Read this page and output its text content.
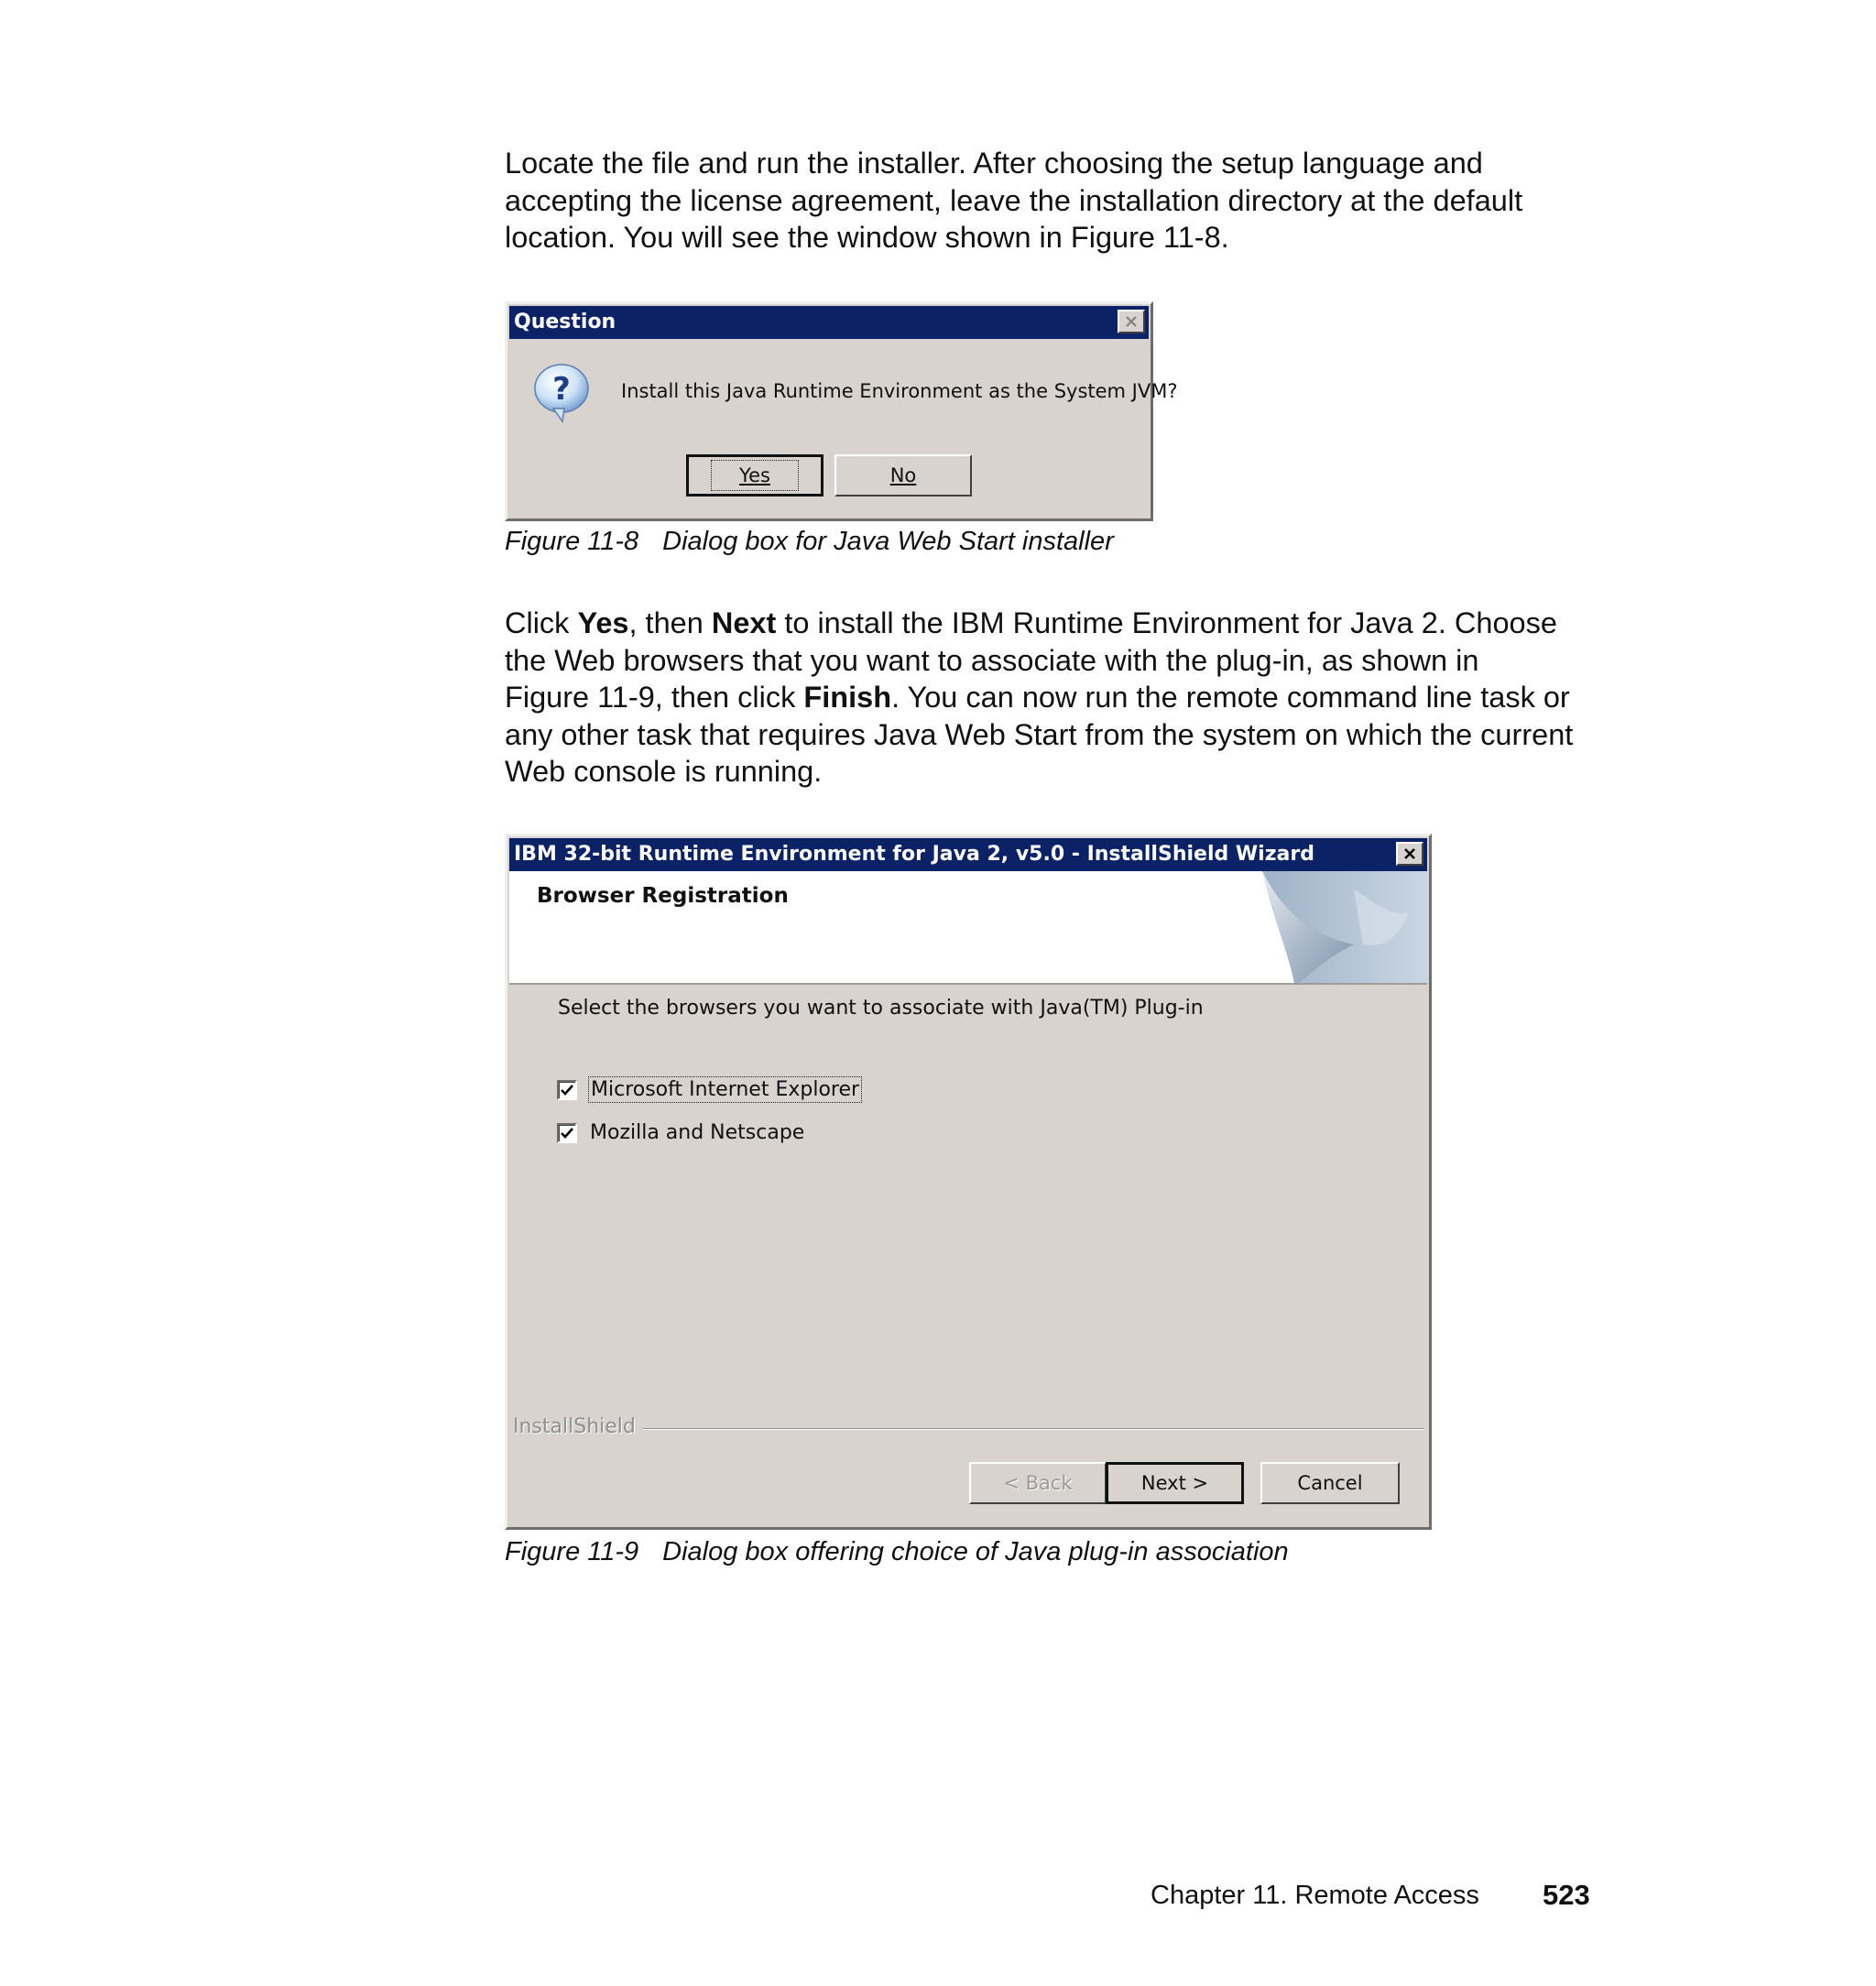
Locate the file and run the installer. After choosing the setup language and
accepting the license agreement, leave the installation directory at the default
location. You will see the window shown in Figure 11-8.

Question
?	Install this Java Runtime Environment as the System JVM?
Yes	No
Figure 11-8 Dialog box for Java Web Start installer

Click Yes, then Next to install the IBM Runtime Environment for Java 2. Choose
the Web browsers that you want to associate with the plug-in, as shown in
Figure 11-9, then click Finish. You can now run the remote command line task or
any other task that requires Java Web Start from the system on which the current
Web console is running.

IBM 32-bit Runtime Environment for Java 2, v5.0 - InstallShield Wizard
Browser Registration
Select the browsers you want to associate with Java(TM) Plug-in
Microsoft Internet Explorer
Mozilla and Netscape
InstallShield
< Back	Next >	Cancel
Figure 11-9 Dialog box offering choice of Java plug-in association
Chapter 11. Remote Access 523
